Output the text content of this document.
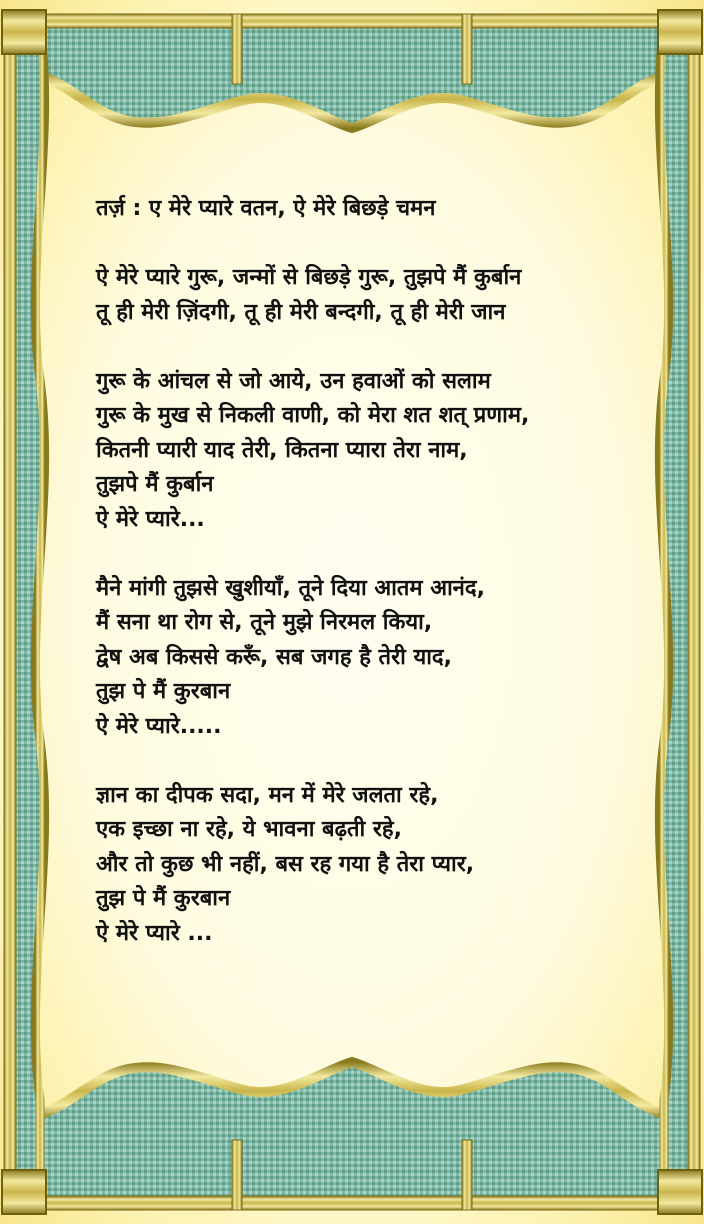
तर्ज़ : ए मेरे प्यारे वतन, ऐ मेरे बिछड़े चमन
ऐ मेरे प्यारे गुरू, जन्मों से बिछड़े गुरू, तुझपे मैं कुर्बान
तू ही मेरी ज़िंदगी, तू ही मेरी बन्दगी, तू ही मेरी जान
गुरू के आंचल से जो आये, उन हवाओं को सलाम
गुरू के मुख से निकली वाणी, को मेरा शत शत् प्रणाम,
कितनी प्यारी याद तेरी, कितना प्यारा तेरा नाम,
तुझपे मैं कुर्बान
ऐ मेरे प्यारे...
मैने मांगी तुझसे खुशीयाँ, तूने दिया आतम आनंद,
मैं सना था रोग से, तूने मुझे निरमल किया,
द्वेष अब किससे करूँ, सब जगह है तेरी याद,
तुझ पे मैं कुरबान
ऐ मेरे प्यारे.....
ज्ञान का दीपक सदा, मन में मेरे जलता रहे,
एक इच्छा ना रहे, ये भावना बढ़ती रहे,
और तो कुछ भी नहीं, बस रह गया है तेरा प्यार,
तुझ पे मैं कुरबान
ऐ मेरे प्यारे ...
